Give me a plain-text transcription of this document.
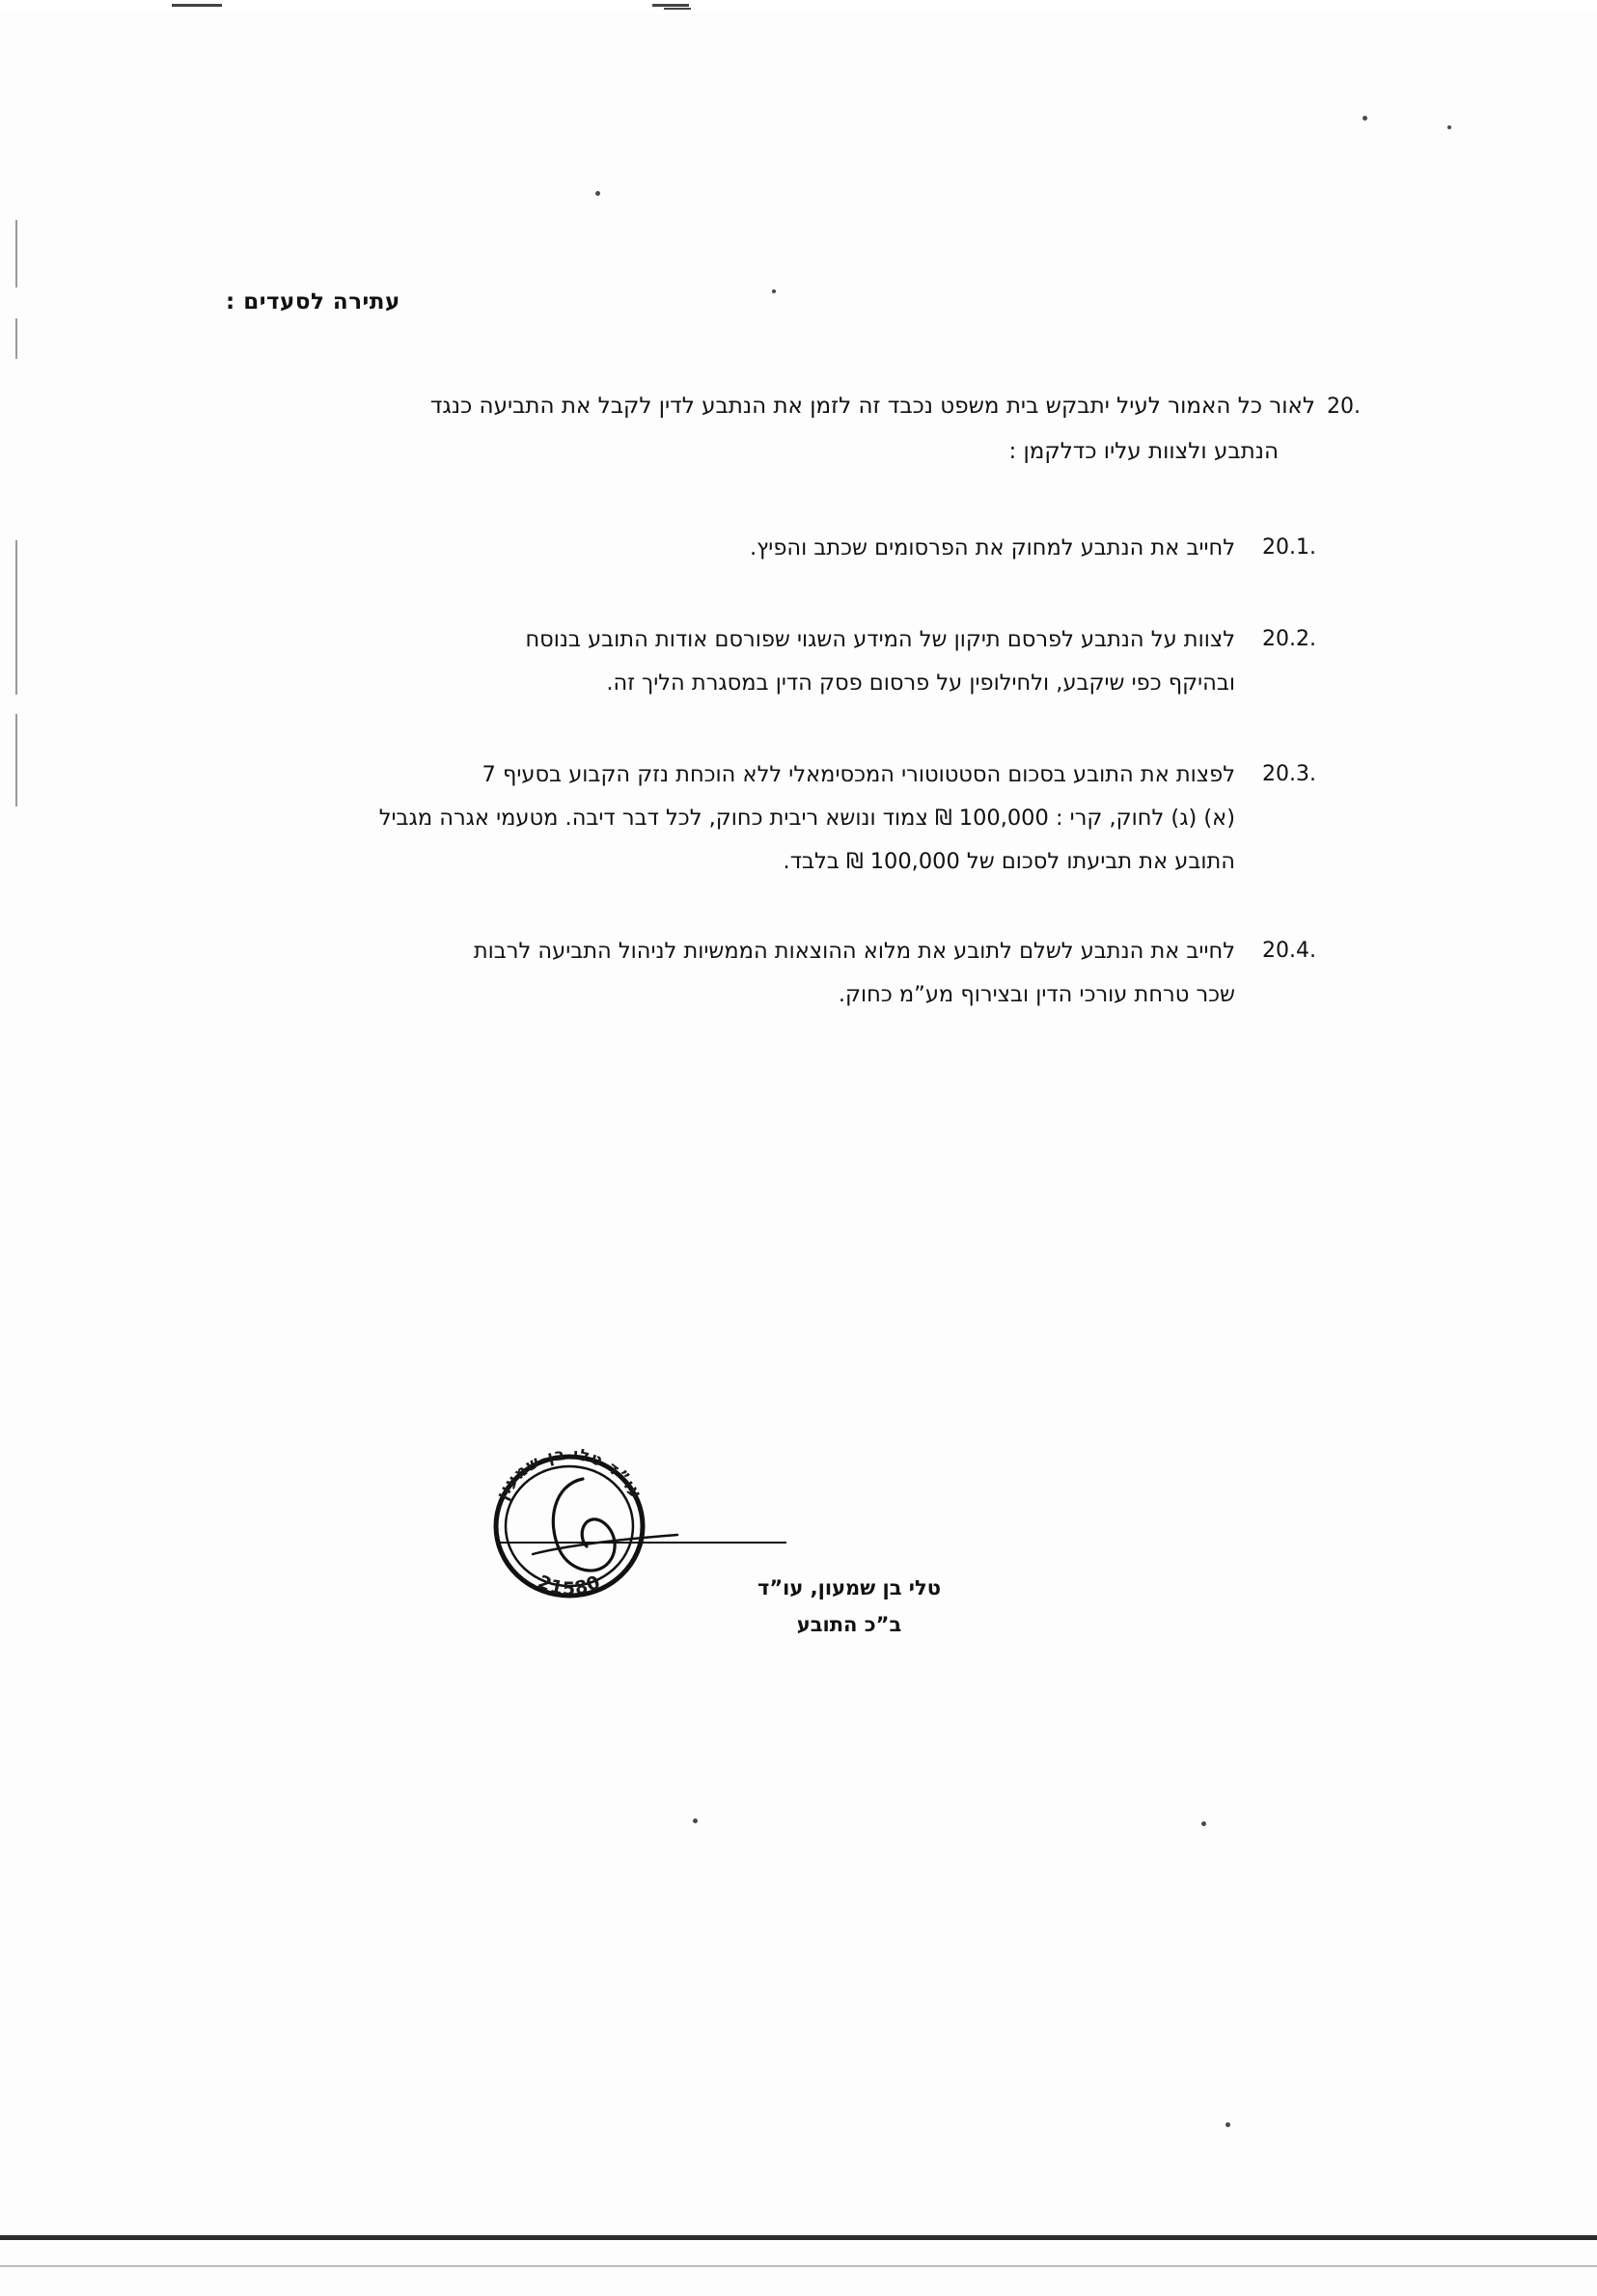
עתירה לסעדים :
.20

לאור כל האמור לעיל יתבקש בית משפט נכבד זה לזמן את הנתבע לדין לקבל את התביעה כנגד

הנתבע ולצוות עליו כדלקמן :

.20.1

לחייב את הנתבע למחוק את הפרסומים שכתב והפיץ.

.20.2

לצוות על הנתבע לפרסם תיקון של המידע השגוי שפורסם אודות התובע בנוסח

ובהיקף כפי שיקבע, ולחילופין על פרסום פסק הדין במסגרת הליך זה.

.20.3

לפצות את התובע בסכום הסטטוטורי המכסימאלי ללא הוכחת נזק הקבוע בסעיף 7

(א) (ג) לחוק, קרי : 100,000 ₪ צמוד ונושא ריבית כחוק, לכל דבר דיבה. מטעמי אגרה מגביל

התובע את תביעתו לסכום של 100,000 ₪ בלבד.

.20.4

לחייב את הנתבע לשלם לתובע את מלוא ההוצאות הממשיות לניהול התביעה לרבות

שכר טרחת עורכי הדין ובצירוף מע”מ כחוק.

טלי בן שמעון, עו”ד

ב”כ התובע

עו”ד טלי בן-שמעון
21580
